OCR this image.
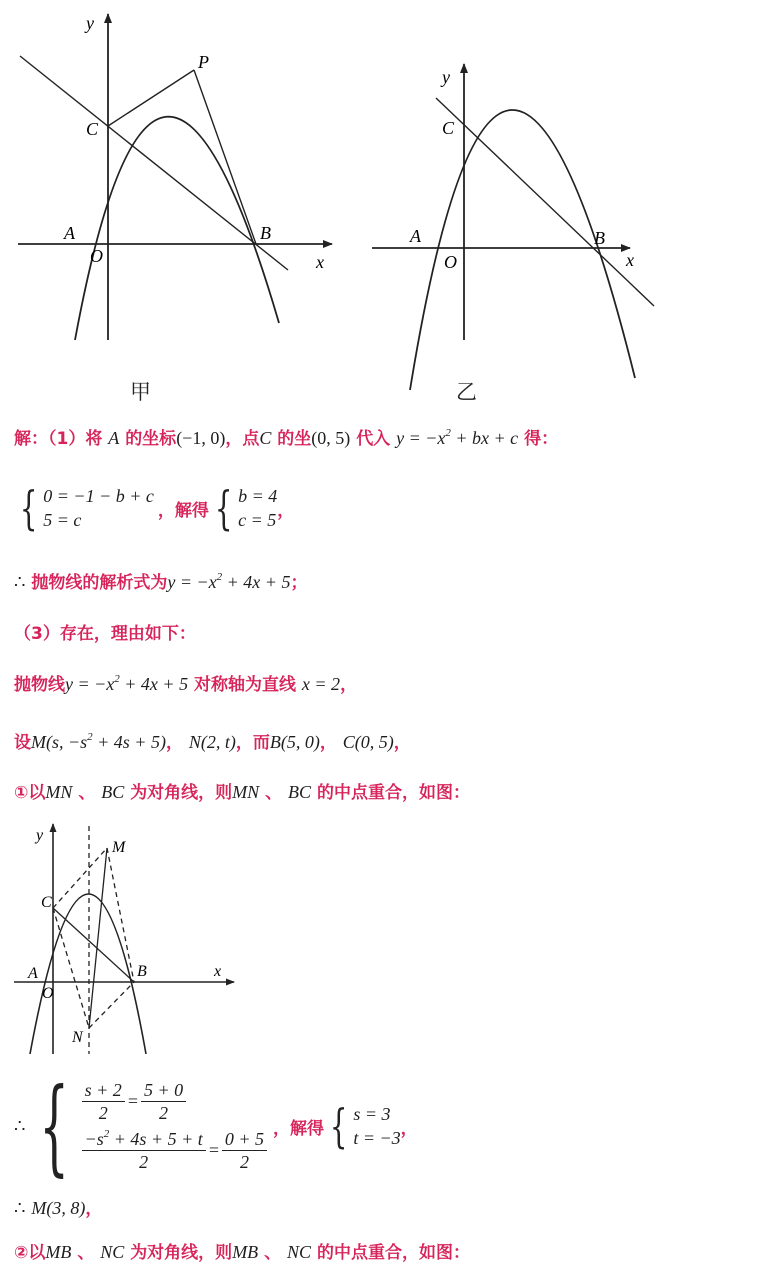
y
x
A
O
B
C
P
甲
y
x
A
O
B
C
乙
解：（1）将 A 的坐标(−1, 0)，点C 的坐(0, 5) 代入 $y = -x^2$ + bx + c 得：
{ 0 = −1 − b + c
5 = c	，解得 { b = 4
c = 5 ，
∴ 抛物线的解析式为$y = -x^2 + 4x + 5$；
（3）存在，理由如下：
抛物线$y = -x^2 + 4x + 5$ 对称轴为直线 x = 2，
设M(s, $-s^2 + 4s + 5$)， N(2, t)，而B(5, 0)， C(0, 5)，
①以MN 、 BC 为对角线，则MN 、 BC 的中点重合，如图：
y
x
A
O
B
C
M
N
∴ { $\frac{s + 2}{2} = \frac{5 + 0}{2}$
$\frac{-s^2 + 4s + 5 + t}{2} = \frac{0 + 5}{2}$ ，解得 { s = 3
t = −3 ，
∴ M(3, 8)，
②以MB 、 NC 为对角线，则MB 、 NC 的中点重合，如图：
